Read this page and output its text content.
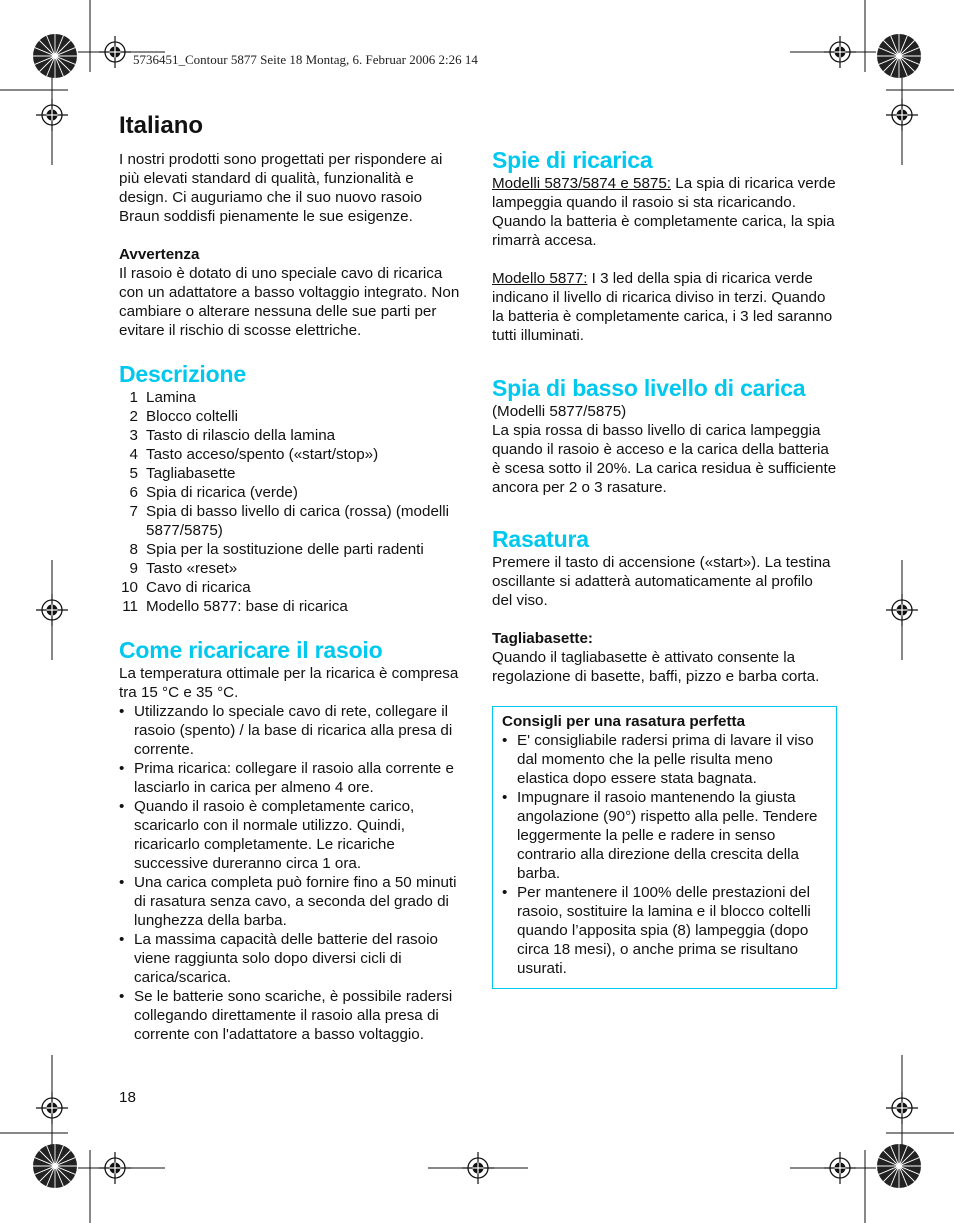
5736451_Contour 5877 Seite 18 Montag, 6. Februar 2006 2:26 14
Italiano

I nostri prodotti sono progettati per rispondere ai più elevati standard di qualità, funzionalità e design. Ci auguriamo che il suo nuovo rasoio Braun soddisfi pienamente le sue esigenze.

Avvertenza

Il rasoio è dotato di uno speciale cavo di ricarica con un adattatore a basso voltaggio integrato. Non cambiare o alterare nessuna delle sue parti per evitare il rischio di scosse elettriche.

Descrizione
1 Lamina
2 Blocco coltelli
3 Tasto di rilascio della lamina
4 Tasto acceso/spento («start/stop»)
5 Tagliabasette
6 Spia di ricarica (verde)
7 Spia di basso livello di carica (rossa) (modelli 5877/5875)
8 Spia per la sostituzione delle parti radenti
9 Tasto «reset»
10 Cavo di ricarica
11 Modello 5877: base di ricarica
Come ricaricare il rasoio

La temperatura ottimale per la ricarica è compresa tra 15 °C e 35 °C.

• Utilizzando lo speciale cavo di rete, collegare il rasoio (spento) / la base di ricarica alla presa di corrente.
• Prima ricarica: collegare il rasoio alla corrente e lasciarlo in carica per almeno 4 ore.
• Quando il rasoio è completamente carico, scaricarlo con il normale utilizzo. Quindi, ricaricarlo completamente. Le ricariche successive dureranno circa 1 ora.
• Una carica completa può fornire fino a 50 minuti di rasatura senza cavo, a seconda del grado di lunghezza della barba.
• La massima capacità delle batterie del rasoio viene raggiunta solo dopo diversi cicli di carica/scarica.
• Se le batterie sono scariche, è possibile radersi collegando direttamente il rasoio alla presa di corrente con l'adattatore a basso voltaggio.
18
Spie di ricarica

Modelli 5873/5874 e 5875: La spia di ricarica verde lampeggia quando il rasoio si sta ricaricando. Quando la batteria è completamente carica, la spia rimarrà accesa.

Modello 5877: I 3 led della spia di ricarica verde indicano il livello di ricarica diviso in terzi. Quando la batteria è completamente carica, i 3 led saranno tutti illuminati.

Spia di basso livello di carica

(Modelli 5877/5875)

La spia rossa di basso livello di carica lampeggia quando il rasoio è acceso e la carica della batteria è scesa sotto il 20%. La carica residua è sufficiente ancora per 2 o 3 rasature.

Rasatura

Premere il tasto di accensione («start»). La testina oscillante si adatterà automaticamente al profilo del viso.

Tagliabasette:

Quando il tagliabasette è attivato consente la regolazione di basette, baffi, pizzo e barba corta.

Consigli per una rasatura perfetta

• E' consigliabile radersi prima di lavare il viso dal momento che la pelle risulta meno elastica dopo essere stata bagnata.
• Impugnare il rasoio mantenendo la giusta angolazione (90°) rispetto alla pelle. Tendere leggermente la pelle e radere in senso contrario alla direzione della crescita della barba.
• Per mantenere il 100% delle prestazioni del rasoio, sostituire la lamina e il blocco coltelli quando l’apposita spia (8) lampeggia (dopo circa 18 mesi), o anche prima se risultano usurati.
